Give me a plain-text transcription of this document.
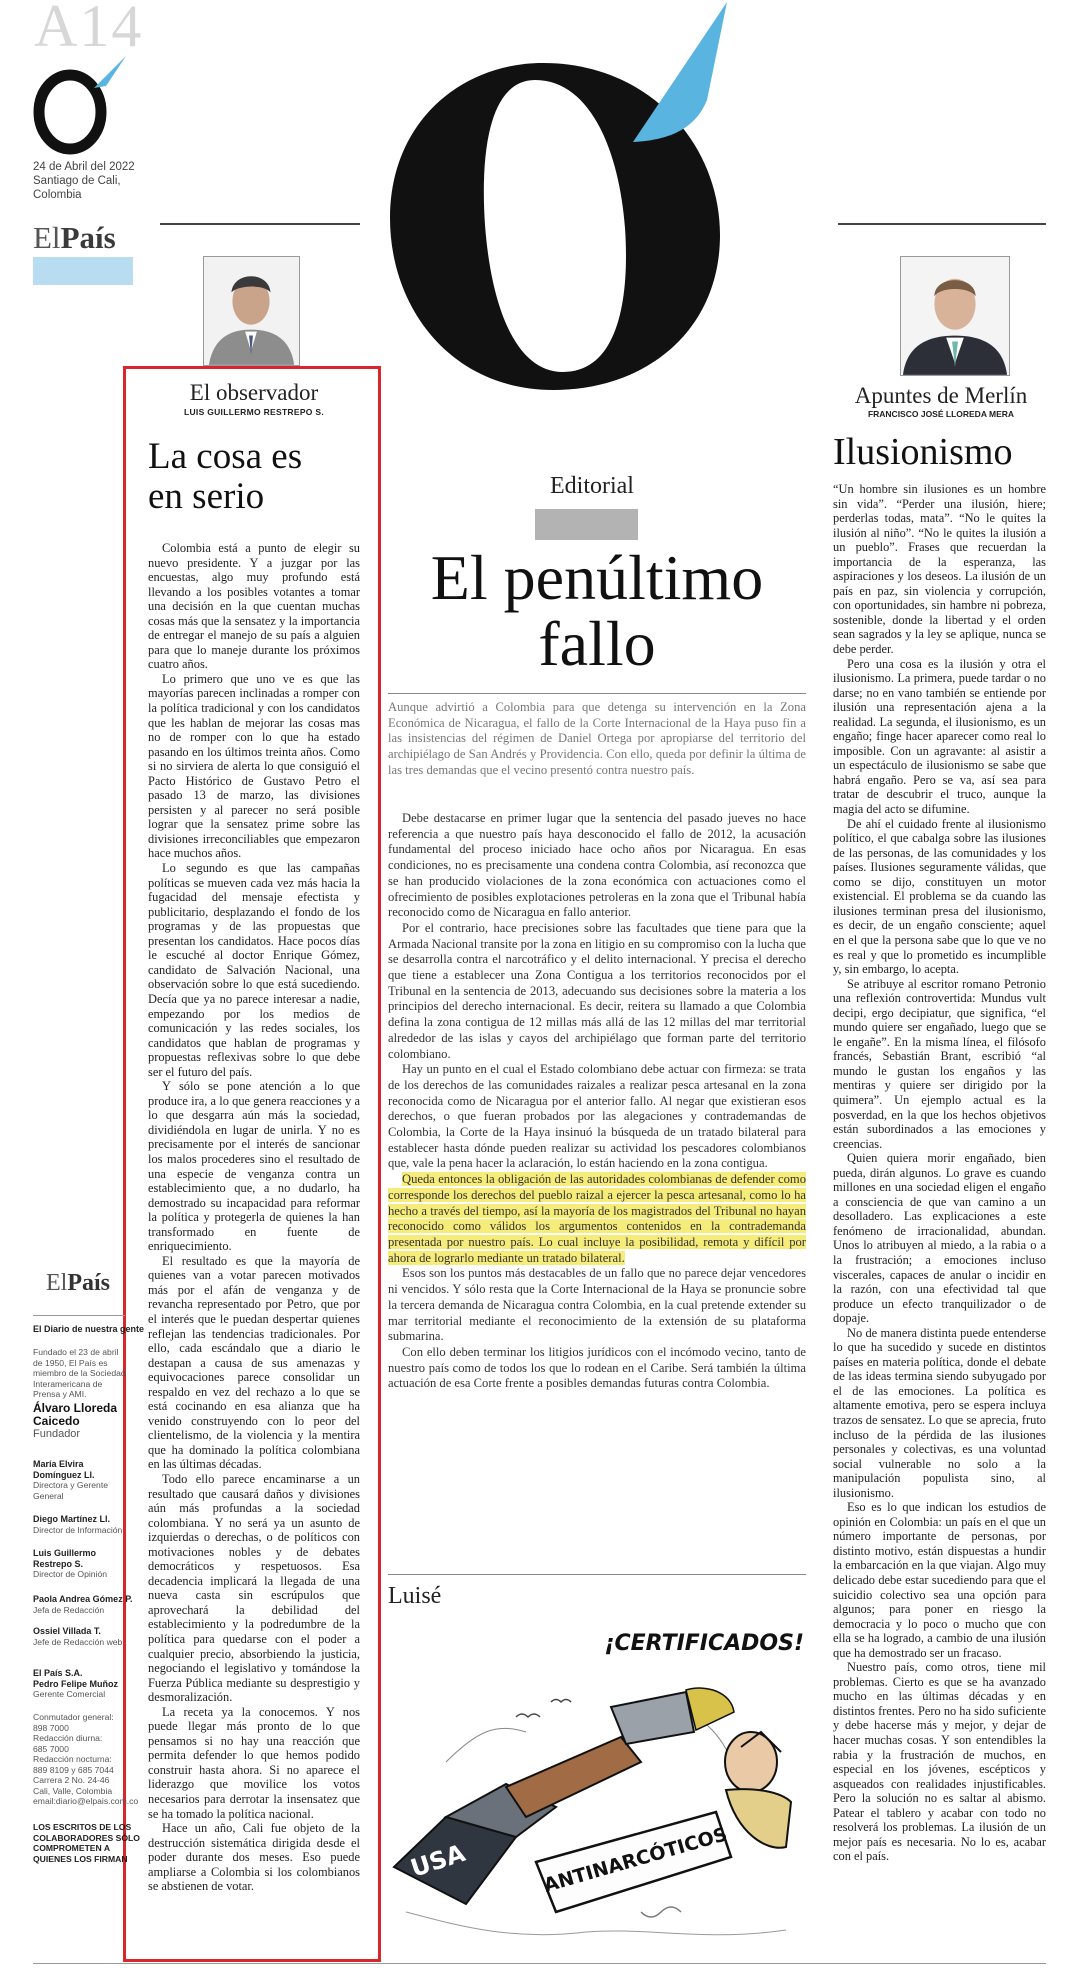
A14
24 de Abril del 2022 Santiago de Cali, Colombia
ElPaís
El observador
LUIS GUILLERMO RESTREPO S.
La cosa es
en serio

Colombia está a punto de elegir su nuevo presidente. Y a juzgar por las encuestas, algo muy profundo está llevando a los posibles votantes a tomar una decisión en la que cuentan muchas cosas más que la sensatez y la importancia de entregar el manejo de su país a alguien para que lo maneje durante los próximos cuatro años.

Lo primero que uno ve es que las mayorías parecen inclinadas a romper con la política tradicional y con los candidatos que les hablan de mejorar las cosas mas no de romper con lo que ha estado pasando en los últimos treinta años. Como si no sirviera de alerta lo que consiguió el Pacto Histórico de Gustavo Petro el pasado 13 de marzo, las divisiones persisten y al parecer no será posible lograr que la sensatez prime sobre las divisiones irreconciliables que empezaron hace muchos años.

Lo segundo es que las campañas políticas se mueven cada vez más hacia la fugacidad del mensaje efectista y publicitario, desplazando el fondo de los programas y de las propuestas que presentan los candidatos. Hace pocos días le escuché al doctor Enrique Gómez, candidato de Salvación Nacional, una observación sobre lo que está sucediendo. Decía que ya no parece interesar a nadie, empezando por los medios de comunicación y las redes sociales, los candidatos que hablan de programas y propuestas reflexivas sobre lo que debe ser el futuro del país.

Y sólo se pone atención a lo que produce ira, a lo que genera reacciones y a lo que desgarra aún más la sociedad, dividiéndola en lugar de unirla. Y no es precisamente por el interés de sancionar los malos procederes sino el resultado de una especie de venganza contra un establecimiento que, a no dudarlo, ha demostrado su incapacidad para reformar la política y protegerla de quienes la han transformado en fuente de enriquecimiento.

El resultado es que la mayoría de quienes van a votar parecen motivados más por el afán de venganza y de revancha representado por Petro, que por el interés que le puedan despertar quienes reflejan las tendencias tradicionales. Por ello, cada escándalo que a diario le destapan a causa de sus amenazas y equivocaciones parece consolidar un respaldo en vez del rechazo a lo que se está cocinando en esa alianza que ha venido construyendo con lo peor del clientelismo, de la violencia y la mentira que ha dominado la política colombiana en las últimas décadas.

Todo ello parece encaminarse a un resultado que causará daños y divisiones aún más profundas a la sociedad colombiana. Y no será ya un asunto de izquierdas o derechas, o de políticos con motivaciones nobles y de debates democráticos y respetuosos. Esa decadencia implicará la llegada de una nueva casta sin escrúpulos que aprovechará la debilidad del establecimiento y la podredumbre de la política para quedarse con el poder a cualquier precio, absorbiendo la justicia, negociando el legislativo y tomándose la Fuerza Pública mediante su desprestigio y desmoralización.

La receta ya la conocemos. Y nos puede llegar más pronto de lo que pensamos si no hay una reacción que permita defender lo que hemos podido construir hasta ahora. Si no aparece el liderazgo que movilice los votos necesarios para derrotar la insensatez que se ha tomado la política nacional.

Hace un año, Cali fue objeto de la destrucción sistemática dirigida desde el poder durante dos meses. Eso puede ampliarse a Colombia si los colombianos se abstienen de votar.

Editorial
El penúltimo
fallo
Aunque advirtió a Colombia para que detenga su intervención en la Zona Económica de Nicaragua, el fallo de la Corte Internacional de la Haya puso fin a las insistencias del régimen de Daniel Ortega por apropiarse del territorio del archipiélago de San Andrés y Providencia. Con ello, queda por definir la última de las tres demandas que el vecino presentó contra nuestro país.

Debe destacarse en primer lugar que la sentencia del pasado jueves no hace referencia a que nuestro país haya desconocido el fallo de 2012, la acusación fundamental del proceso iniciado hace ocho años por Nicaragua. En esas condiciones, no es precisamente una condena contra Colombia, así reconozca que se han producido violaciones de la zona económica con actuaciones como el ofrecimiento de posibles explotaciones petroleras en la zona que el Tribunal había reconocido como de Nicaragua en fallo anterior.

Por el contrario, hace precisiones sobre las facultades que tiene para que la Armada Nacional transite por la zona en litigio en su compromiso con la lucha que se desarrolla contra el narcotráfico y el delito internacional. Y precisa el derecho que tiene a establecer una Zona Contigua a los territorios reconocidos por el Tribunal en la sentencia de 2013, adecuando sus decisiones sobre la materia a los principios del derecho internacional. Es decir, reitera su llamado a que Colombia defina la zona contigua de 12 millas más allá de las 12 millas del mar territorial alrededor de las islas y cayos del archipiélago que forman parte del territorio colombiano.

Hay un punto en el cual el Estado colombiano debe actuar con firmeza: se trata de los derechos de las comunidades raizales a realizar pesca artesanal en la zona reconocida como de Nicaragua por el anterior fallo. Al negar que existieran esos derechos, o que fueran probados por las alegaciones y contrademandas de Colombia, la Corte de la Haya insinuó la búsqueda de un tratado bilateral para establecer hasta dónde pueden realizar su actividad los pescadores colombianos que, vale la pena hacer la aclaración, lo están haciendo en la zona contigua.

Queda entonces la obligación de las autoridades colombianas de defender como corresponde los derechos del pueblo raizal a ejercer la pesca artesanal, como lo ha hecho a través del tiempo, así la mayoría de los magistrados del Tribunal no hayan reconocido como válidos los argumentos contenidos en la contrademanda presentada por nuestro país. Lo cual incluye la posibilidad, remota y difícil por ahora de lograrlo mediante un tratado bilateral.

Esos son los puntos más destacables de un fallo que no parece dejar vencedores ni vencidos. Y sólo resta que la Corte Internacional de la Haya se pronuncie sobre la tercera demanda de Nicaragua contra Colombia, en la cual pretende extender su mar territorial mediante el reconocimiento de la extensión de su plataforma submarina.

Con ello deben terminar los litigios jurídicos con el incómodo vecino, tanto de nuestro país como de todos los que lo rodean en el Caribe. Será también la última actuación de esa Corte frente a posibles demandas futuras contra Colombia.

Luisé
¡CERTIFICADOS!
USA	ANTINARCÓTICOS
Apuntes de Merlín
FRANCISCO JOSÉ LLOREDA MERA
Ilusionismo

“Un hombre sin ilusiones es un hombre sin vida”. “Perder una ilusión, hiere; perderlas todas, mata”. “No le quites la ilusión al niño”. “No le quites la ilusión a un pueblo”. Frases que recuerdan la importancia de la esperanza, las aspiraciones y los deseos. La ilusión de un país en paz, sin violencia y corrupción, con oportunidades, sin hambre ni pobreza, sostenible, donde la libertad y el orden sean sagrados y la ley se aplique, nunca se debe perder.

Pero una cosa es la ilusión y otra el ilusionismo. La primera, puede tardar o no darse; no en vano también se entiende por ilusión una representación ajena a la realidad. La segunda, el ilusionismo, es un engaño; finge hacer aparecer como real lo imposible. Con un agravante: al asistir a un espectáculo de ilusionismo se sabe que habrá engaño. Pero se va, así sea para tratar de descubrir el truco, aunque la magia del acto se difumine.

De ahí el cuidado frente al ilusionismo político, el que cabalga sobre las ilusiones de las personas, de las comunidades y los países. Ilusiones seguramente válidas, que como se dijo, constituyen un motor existencial. El problema se da cuando las ilusiones terminan presa del ilusionismo, es decir, de un engaño consciente; aquel en el que la persona sabe que lo que ve no es real y que lo prometido es incumplible y, sin embargo, lo acepta.

Se atribuye al escritor romano Petronio una reflexión controvertida: Mundus vult decipi, ergo decipiatur, que significa, “el mundo quiere ser engañado, luego que se le engañe”. En la misma línea, el filósofo francés, Sebastián Brant, escribió “al mundo le gustan los engaños y las mentiras y quiere ser dirigido por la quimera”. Un ejemplo actual es la posverdad, en la que los hechos objetivos están subordinados a las emociones y creencias.

Quien quiera morir engañado, bien pueda, dirán algunos. Lo grave es cuando millones en una sociedad eligen el engaño a consciencia de que van camino a un desolladero. Las explicaciones a este fenómeno de irracionalidad, abundan. Unos lo atribuyen al miedo, a la rabia o a la frustración; a emociones incluso viscerales, capaces de anular o incidir en la razón, con una efectividad tal que produce un efecto tranquilizador o de dopaje.

No de manera distinta puede entenderse lo que ha sucedido y sucede en distintos países en materia política, donde el debate de las ideas termina siendo subyugado por el de las emociones. La política es altamente emotiva, pero se espera incluya trazos de sensatez. Lo que se aprecia, fruto incluso de la pérdida de las ilusiones personales y colectivas, es una voluntad social vulnerable no solo a la manipulación populista sino, al ilusionismo.

Eso es lo que indican los estudios de opinión en Colombia: un país en el que un número importante de personas, por distinto motivo, están dispuestas a hundir la embarcación en la que viajan. Algo muy delicado debe estar sucediendo para que el suicidio colectivo sea una opción para algunos; para poner en riesgo la democracia y lo poco o mucho que con ella se ha logrado, a cambio de una ilusión que ha demostrado ser un fracaso.

Nuestro país, como otros, tiene mil problemas. Cierto es que se ha avanzado mucho en las últimas décadas y en distintos frentes. Pero no ha sido suficiente y debe hacerse más y mejor, y dejar de hacer muchas cosas. Y son entendibles la rabia y la frustración de muchos, en especial en los jóvenes, escépticos y asqueados con realidades injustificables. Pero la solución no es saltar al abismo. Patear el tablero y acabar con todo no resolverá los problemas. La ilusión de un mejor país es necesaria. No lo es, acabar con el país.

ElPaís
El Diario de nuestra gente
Fundado el 23 de abril
de 1950, El País es
miembro de la Sociedad
Interamericana de
Prensa y AMI.
Álvaro Lloreda
Caicedo
Fundador
María Elvira
Domínguez Ll.
Directora y Gerente
General
Diego Martínez Ll.
Director de Información
Luis Guillermo
Restrepo S.
Director de Opinión
Paola Andrea Gómez P.
Jefa de Redacción
Ossiel Villada T.
Jefe de Redacción web
El País S.A.
Pedro Felipe Muñoz
Gerente Comercial
Conmutador general:
898 7000
Redacción diurna:
685 7000
Redacción nocturna:
889 8109 y 685 7044
Carrera 2 No. 24-46
Cali, Valle, Colombia
email:diario@elpais.com.co
LOS ESCRITOS DE LOS
COLABORADORES SÓLO
COMPROMETEN A
QUIENES LOS FIRMAN
